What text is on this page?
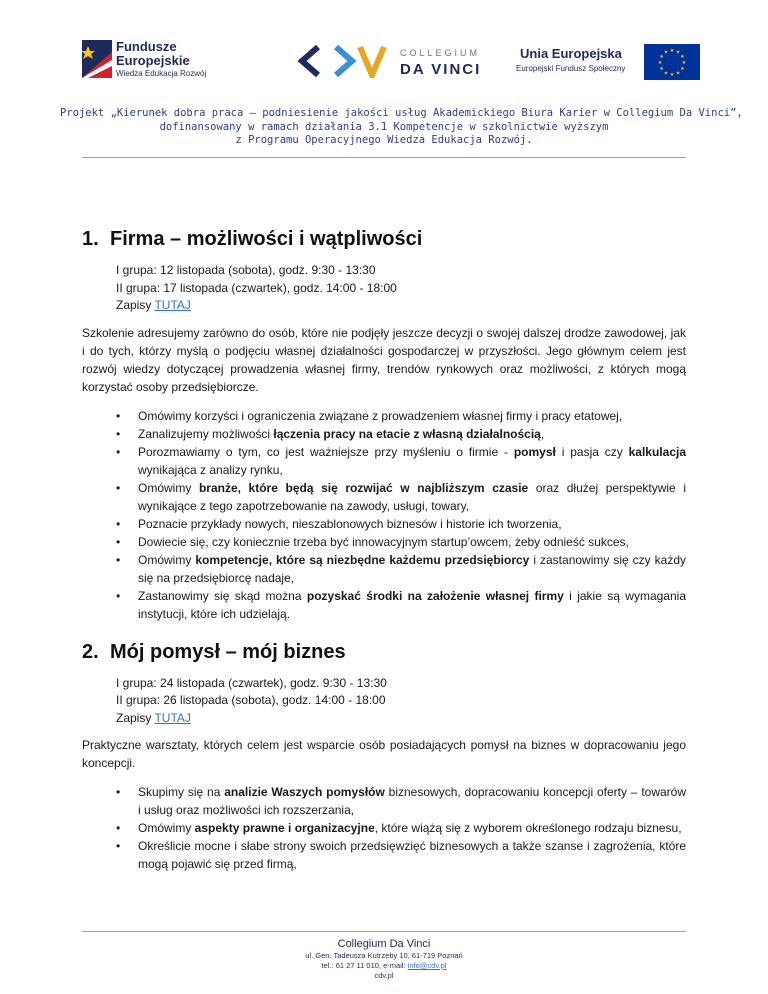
Fundusze
Europejskie
Wiedza Edukacja Rozwój
COLLEGIUM
DA VINCI
Unia Europejska
Europejski Fundusz Społeczny
★ ★
★
★
★
★
★
★
★
★
★
★
Projekt „Kierunek dobra praca – podniesienie jakości usług Akademickiego Biura Karier w Collegium Da Vinci”,
dofinansowany w ramach działania 3.1 Kompetencje w szkolnictwie wyższym
z Programu Operacyjnego Wiedza Edukacja Rozwój.
1. Firma – możliwości i wątpliwości
I grupa: 12 listopada (sobota), godz. 9:30 - 13:30
II grupa: 17 listopada (czwartek), godz. 14:00 - 18:00
Zapisy TUTAJ

Szkolenie adresujemy zarówno do osób, które nie podjęły jeszcze decyzji o swojej dalszej drodze zawodowej, jak i do tych, którzy myślą o podjęciu własnej działalności gospodarczej w przyszłości. Jego głównym celem jest rozwój wiedzy dotyczącej prowadzenia własnej firmy, trendów rynkowych oraz możliwości, z których mogą korzystać osoby przedsiębiorcze.

• Omówimy korzyści i ograniczenia związane z prowadzeniem własnej firmy i pracy etatowej,
• Zanalizujemy możliwości łączenia pracy na etacie z własną działalnością,
• Porozmawiamy o tym, co jest ważniejsze przy myśleniu o firmie - pomysł i pasja czy kalkulacja wynikająca z analizy rynku,
• Omówimy branże, które będą się rozwijać w najbliższym czasie oraz dłużej perspektywie i wynikające z tego zapotrzebowanie na zawody, usługi, towary,
• Poznacie przykłady nowych, nieszablonowych biznesów i historie ich tworzenia,
• Dowiecie się, czy koniecznie trzeba być innowacyjnym startup’owcem, żeby odnieść sukces,
• Omówimy kompetencje, które są niezbędne każdemu przedsiębiorcy i zastanowimy się czy każdy się na przedsiębiorcę nadaje,
• Zastanowimy się skąd można pozyskać środki na założenie własnej firmy i jakie są wymagania instytucji, które ich udzielają.
2. Mój pomysł – mój biznes
I grupa: 24 listopada (czwartek), godz. 9:30 - 13:30
II grupa: 26 listopada (sobota), godz. 14:00 - 18:00
Zapisy TUTAJ

Praktyczne warsztaty, których celem jest wsparcie osób posiadających pomysł na biznes w dopracowaniu jego koncepcji.

• Skupimy się na analizie Waszych pomysłów biznesowych, dopracowaniu koncepcji oferty – towarów i usług oraz możliwości ich rozszerzania,
• Omówimy aspekty prawne i organizacyjne, które wiążą się z wyborem określonego rodzaju biznesu,
• Określicie mocne i słabe strony swoich przedsięwzięć biznesowych a także szanse i zagrożenia, które mogą pojawić się przed firmą,
Collegium Da Vinci
ul. Gen. Tadeusza Kutrzeby 10, 61-719 Poznań
tel.: 61 27 11 010, e-mail: info@cdv.pl
cdv.pl
